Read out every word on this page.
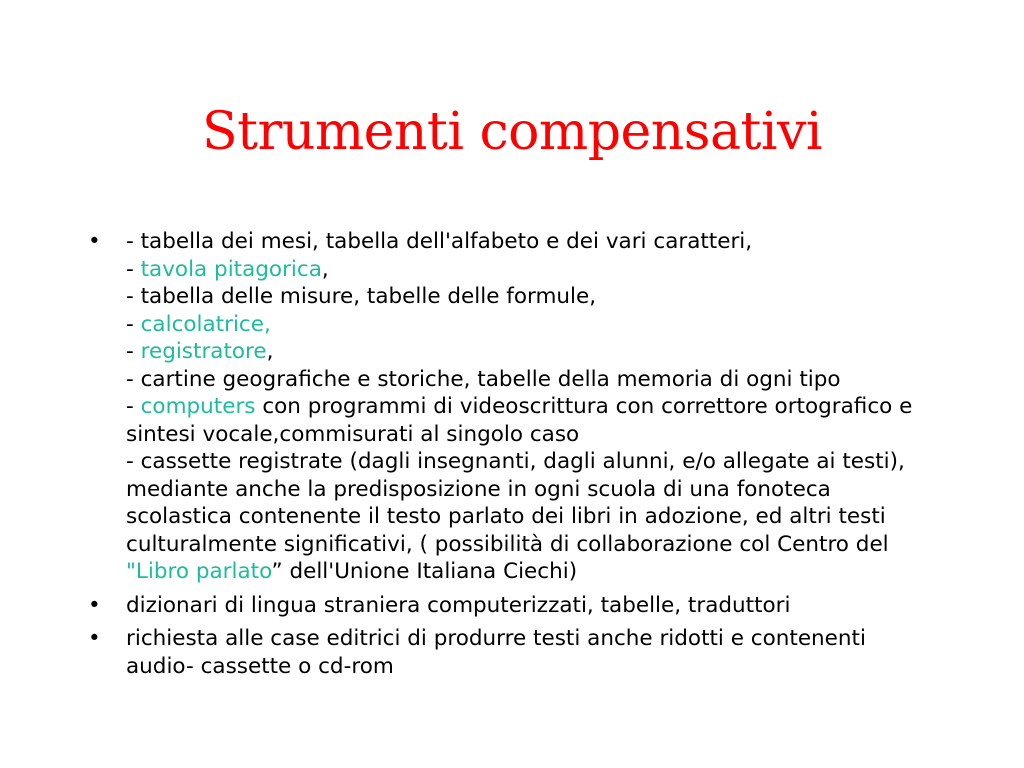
Strumenti compensativi
•	- tabella dei mesi, tabella dell'alfabeto e dei vari caratteri,
- tavola pitagorica,
- tabella delle misure, tabelle delle formule,
- calcolatrice,
- registratore,
- cartine geografiche e storiche, tabelle della memoria di ogni tipo
- computers con programmi di videoscrittura con correttore ortografico e sintesi vocale,commisurati al singolo caso
- cassette registrate (dagli insegnanti, dagli alunni, e/o allegate ai testi), mediante anche la predisposizione in ogni scuola di una fonoteca scolastica contenente il testo parlato dei libri in adozione, ed altri testi culturalmente significativi, ( possibilità di collaborazione col Centro del "Libro parlato” dell'Unione Italiana Ciechi)
•	dizionari di lingua straniera computerizzati, tabelle, traduttori
•	richiesta alle case editrici di produrre testi anche ridotti e contenenti audio- cassette o cd-rom
